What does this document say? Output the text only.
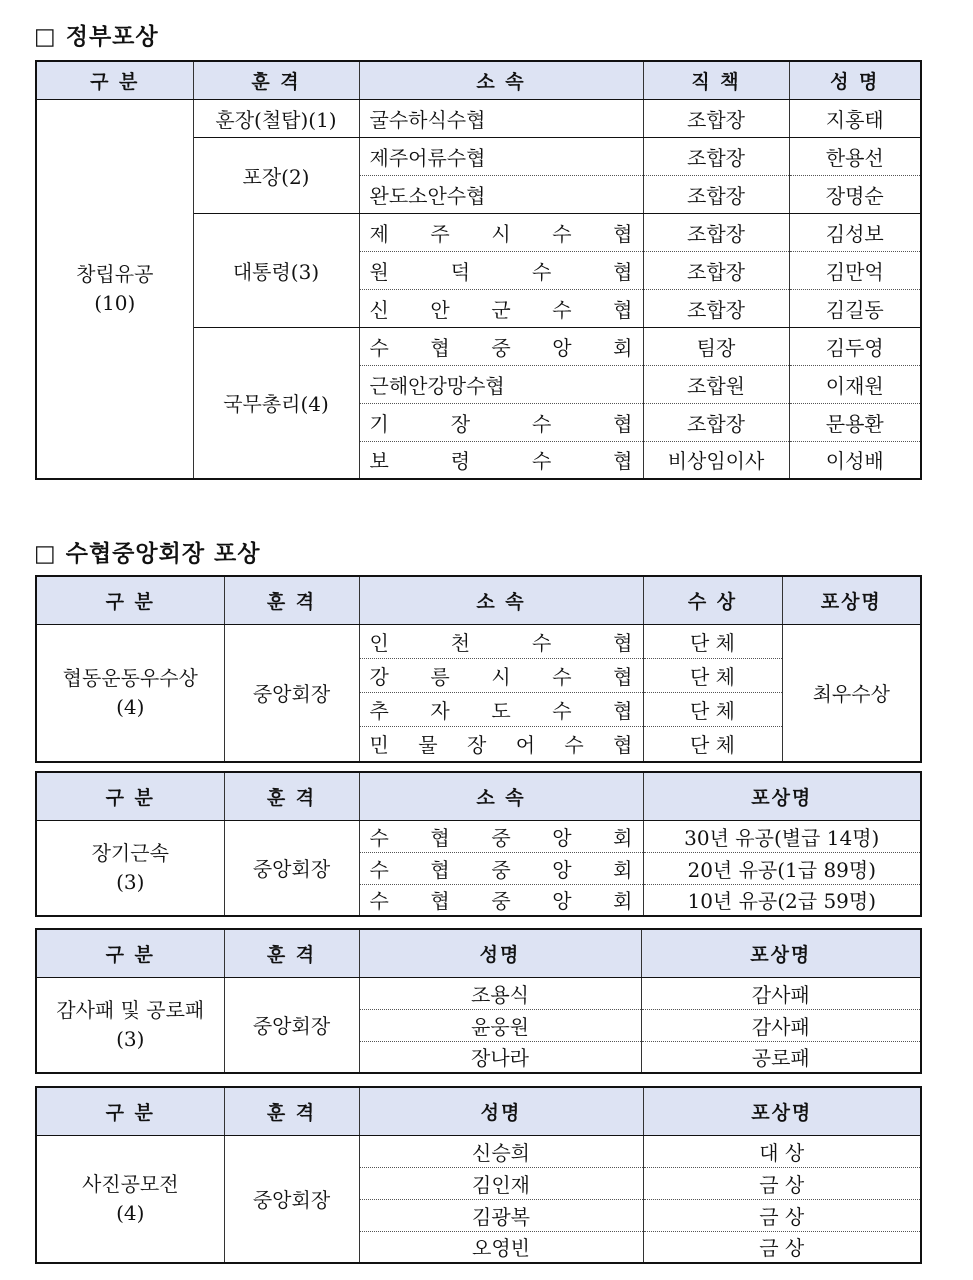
□ 정부포상
구 분	훈 격	소 속	직 책	성 명

창립유공
(10)	훈장(철탑)(1)	굴수하식수협	조합장	지홍태
	포장(2)	제주어류수협	조합장	한용선
		완도소안수협	조합장	장명순
	대통령(3)	제 주 시 수 협	조합장	김성보
		원 덕 수 협	조합장	김만억
		신 안 군 수 협	조합장	김길동
	국무총리(4)	수 협 중 앙 회	팀장	김두영
		근해안강망수협	조합원	이재원
		기 장 수 협	조합장	문용환
		보 령 수 협	비상임이사	이성배
□ 수협중앙회장 포상
구 분	훈 격	소 속	수 상	포상명

협동운동우수상
(4)	중앙회장	인 천 수 협	단 체	최우수상
		강 릉 시 수 협	단 체	
		추 자 도 수 협	단 체	
		민 물 장 어 수 협	단 체	
구 분	훈 격	소 속	포상명

장기근속
(3)	중앙회장	수 협 중 앙 회	30년 유공(별급 14명)
		수 협 중 앙 회	20년 유공(1급 89명)
		수 협 중 앙 회	10년 유공(2급 59명)
구 분	훈 격	성명	포상명

감사패 및 공로패
(3)	중앙회장	조용식	감사패
		윤웅원	감사패
		장나라	공로패
구 분	훈 격	성명	포상명

사진공모전
(4)	중앙회장	신승희	대 상
		김인재	금 상
		김광복	금 상
		오영빈	금 상
